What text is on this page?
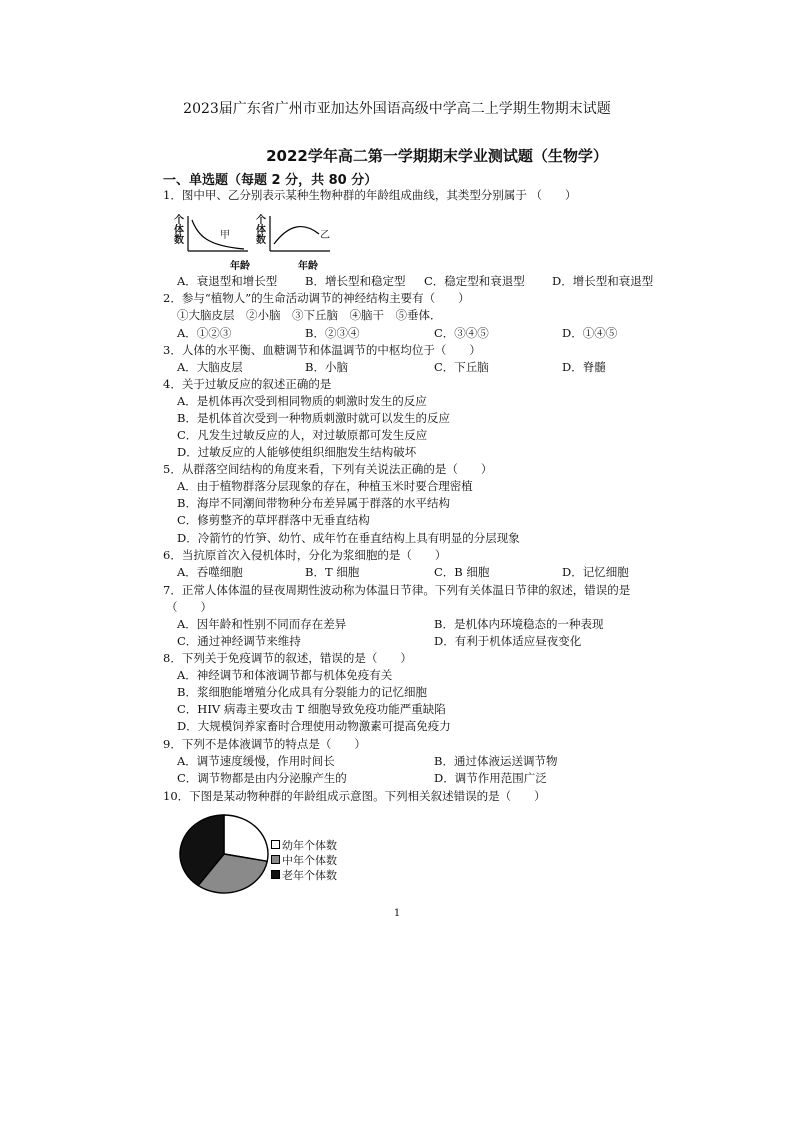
2023届广东省广州市亚加达外国语高级中学高二上学期生物期末试题
2022学年高二第一学期期末学业测试题（生物学）
一、单选题（每题 2 分，共 80 分）
1．图中甲、乙分别表示某种生物种群的年龄组成曲线，其类型分别属于 （　　）
个
体
数
个
体
数
甲	乙
年龄	年龄
A．衰退型和增长型 B．增长型和稳定型 C．稳定型和衰退型 D．增长型和衰退型
2．参与“植物人”的生命活动调节的神经结构主要有（　　）
①大脑皮层　②小脑　③下丘脑　④脑干　⑤垂体．
A．①②③	B．②③④	C．③④⑤	D．①④⑤
3．人体的水平衡、血糖调节和体温调节的中枢均位于（　　）
A．大脑皮层	B．小脑	C．下丘脑	D．脊髓
4．关于过敏反应的叙述正确的是
A．是机体再次受到相同物质的刺激时发生的反应
B．是机体首次受到一种物质刺激时就可以发生的反应
C．凡发生过敏反应的人，对过敏原都可发生反应
D．过敏反应的人能够使组织细胞发生结构破坏
5．从群落空间结构的角度来看，下列有关说法正确的是（　　）
A．由于植物群落分层现象的存在，种植玉米时要合理密植
B．海岸不同潮间带物种分布差异属于群落的水平结构
C．修剪整齐的草坪群落中无垂直结构
D．冷箭竹的竹笋、幼竹、成年竹在垂直结构上具有明显的分层现象
6．当抗原首次入侵机体时，分化为浆细胞的是（　　）
A．吞噬细胞	B．T 细胞	C．B 细胞	D．记忆细胞
7．正常人体体温的昼夜周期性波动称为体温日节律。下列有关体温日节律的叙述，错误的是
（　　）
A．因年龄和性别不同而存在差异	B．是机体内环境稳态的一种表现
C．通过神经调节来维持	D．有利于机体适应昼夜变化
8．下列关于免疫调节的叙述，错误的是（　　）
A．神经调节和体液调节都与机体免疫有关
B．浆细胞能增殖分化成具有分裂能力的记忆细胞
C．HIV 病毒主要攻击 T 细胞导致免疫功能严重缺陷
D．大规模饲养家畜时合理使用动物激素可提高免疫力
9．下列不是体液调节的特点是（　　）
A．调节速度缓慢，作用时间长	B．通过体液运送调节物
C．调节物都是由内分泌腺产生的	D．调节作用范围广泛
10．下图是某动物种群的年龄组成示意图。下列相关叙述错误的是（　　）
幼年个体数
中年个体数
老年个体数
1
